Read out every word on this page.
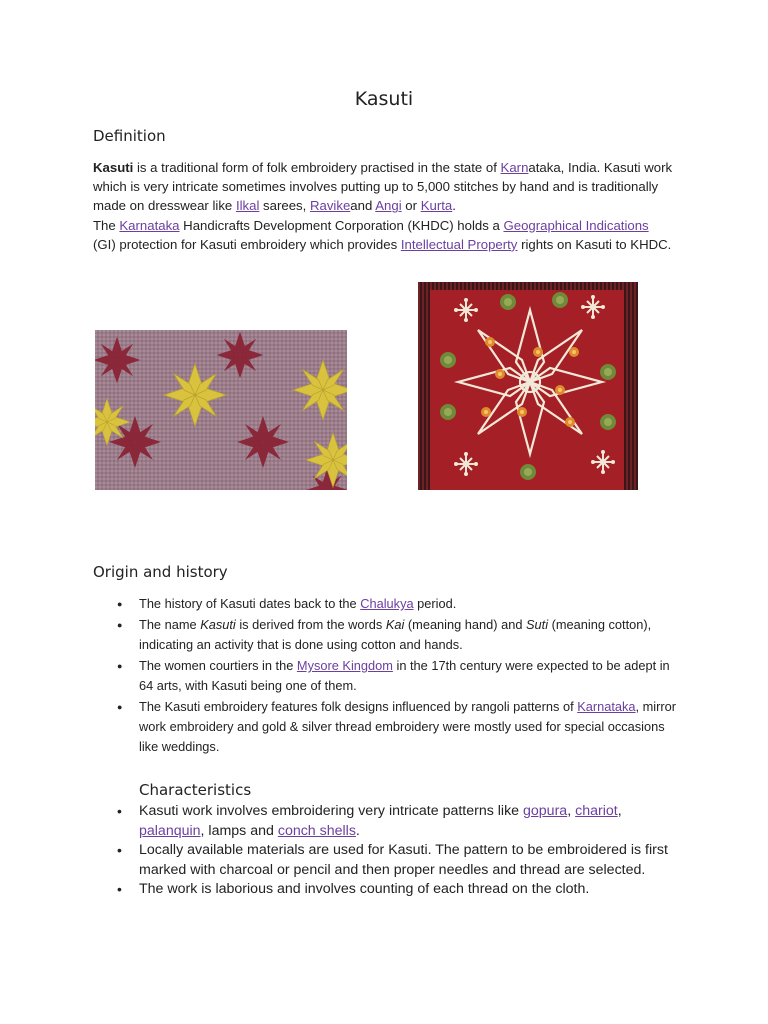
Kasuti
Definition

Kasuti is a traditional form of folk embroidery practised in the state of Karnataka, India. Kasuti work which is very intricate sometimes involves putting up to 5,000 stitches by hand and is traditionally made on dresswear like Ilkal sarees, Ravikeand Angi or Kurta.

The Karnataka Handicrafts Development Corporation (KHDC) holds a Geographical Indications (GI) protection for Kasuti embroidery which provides Intellectual Property rights on Kasuti to KHDC.

Origin and history
● The history of Kasuti dates back to the Chalukya period.
● The name Kasuti is derived from the words Kai (meaning hand) and Suti (meaning cotton), indicating an activity that is done using cotton and hands.
● The women courtiers in the Mysore Kingdom in the 17th century were expected to be adept in 64 arts, with Kasuti being one of them.
● The Kasuti embroidery features folk designs influenced by rangoli patterns of Karnataka, mirror work embroidery and gold & silver thread embroidery were mostly used for special occasions like weddings.
Characteristics
• Kasuti work involves embroidering very intricate patterns like gopura, chariot, palanquin, lamps and conch shells.
• Locally available materials are used for Kasuti. The pattern to be embroidered is first marked with charcoal or pencil and then proper needles and thread are selected.
• The work is laborious and involves counting of each thread on the cloth.
